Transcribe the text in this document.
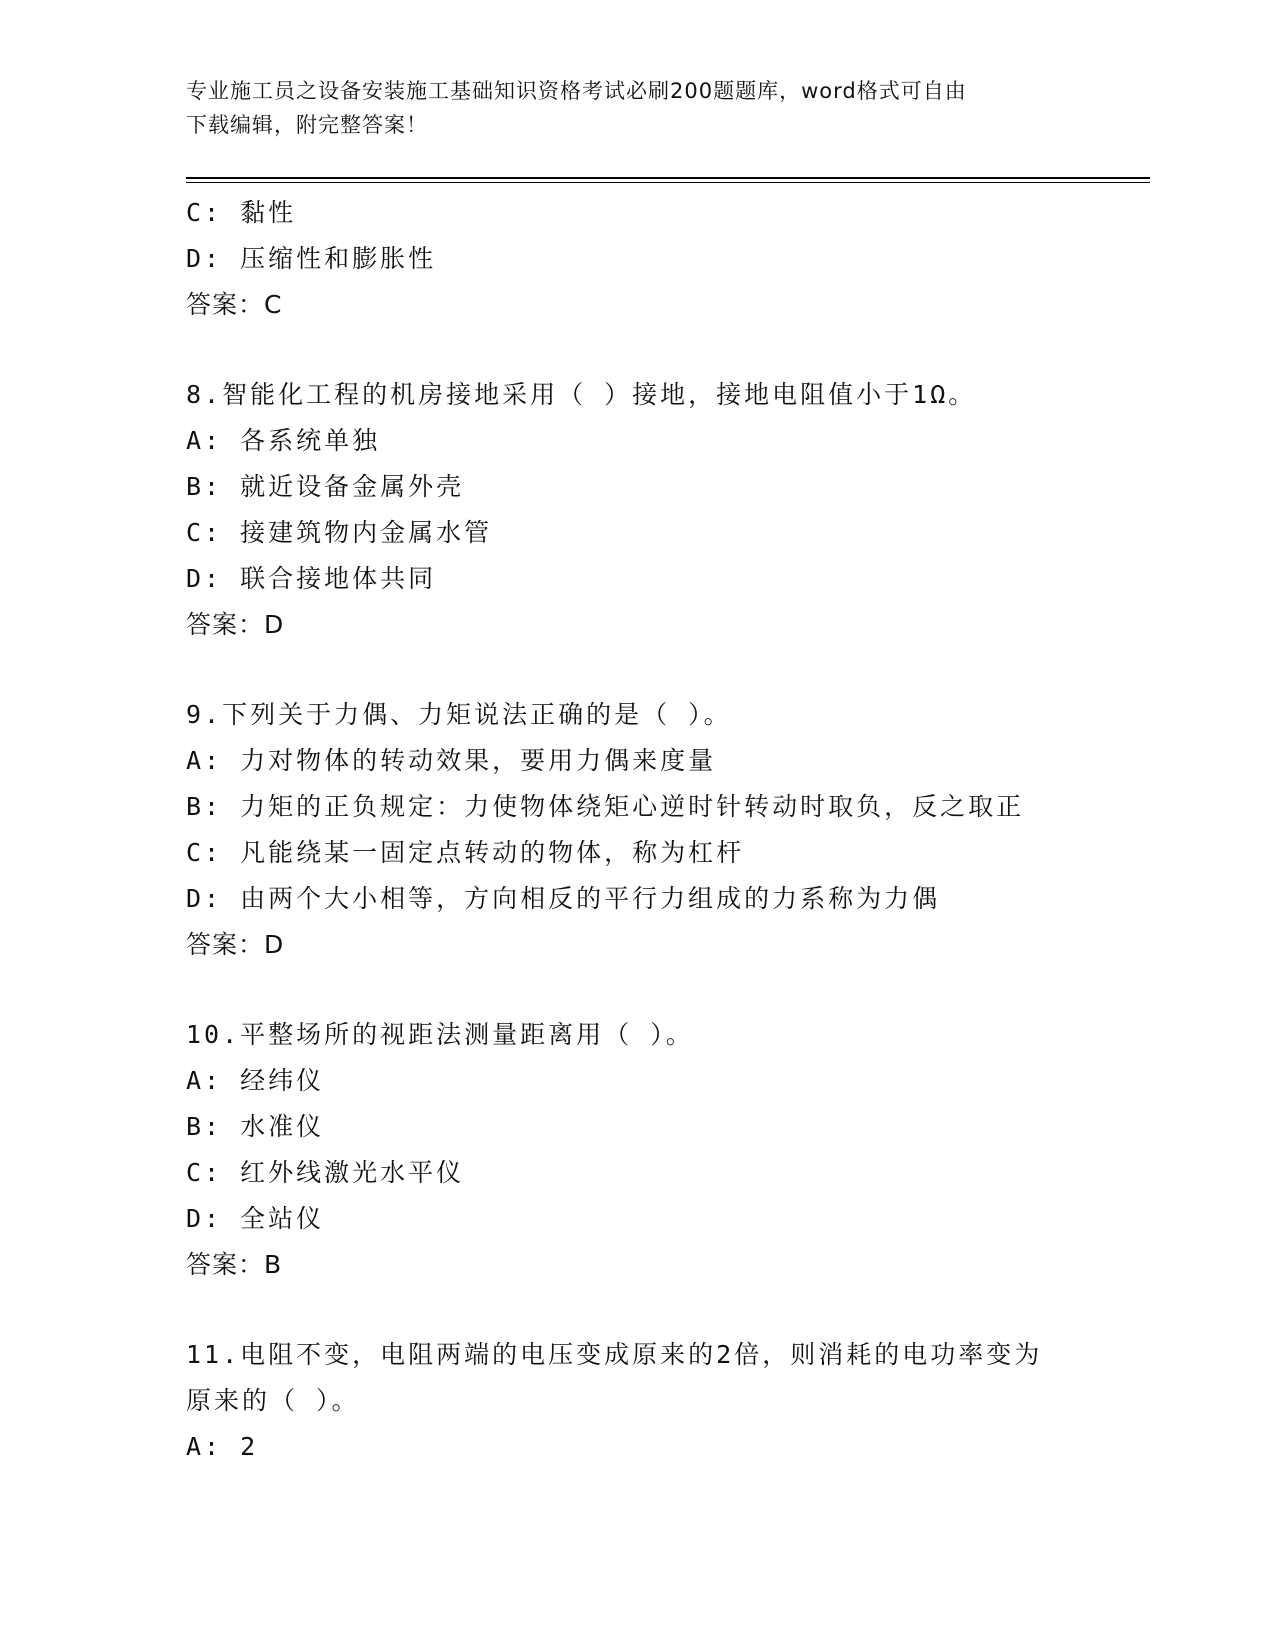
专业施工员之设备安装施工基础知识资格考试必刷200题题库，word格式可自由
下载编辑，附完整答案！
C: 黏性
D: 压缩性和膨胀性
答案：C
8.智能化工程的机房接地采用（ ）接地，接地电阻值小于1Ω。
A: 各系统单独
B: 就近设备金属外壳
C: 接建筑物内金属水管
D: 联合接地体共同
答案：D
9.下列关于力偶、力矩说法正确的是（ ）。
A: 力对物体的转动效果，要用力偶来度量
B: 力矩的正负规定：力使物体绕矩心逆时针转动时取负，反之取正
C: 凡能绕某一固定点转动的物体，称为杠杆
D: 由两个大小相等，方向相反的平行力组成的力系称为力偶
答案：D
10.平整场所的视距法测量距离用（ ）。
A: 经纬仪
B: 水准仪
C: 红外线激光水平仪
D: 全站仪
答案：B
11.电阻不变，电阻两端的电压变成原来的2倍，则消耗的电功率变为
原来的（ ）。
A: 2
